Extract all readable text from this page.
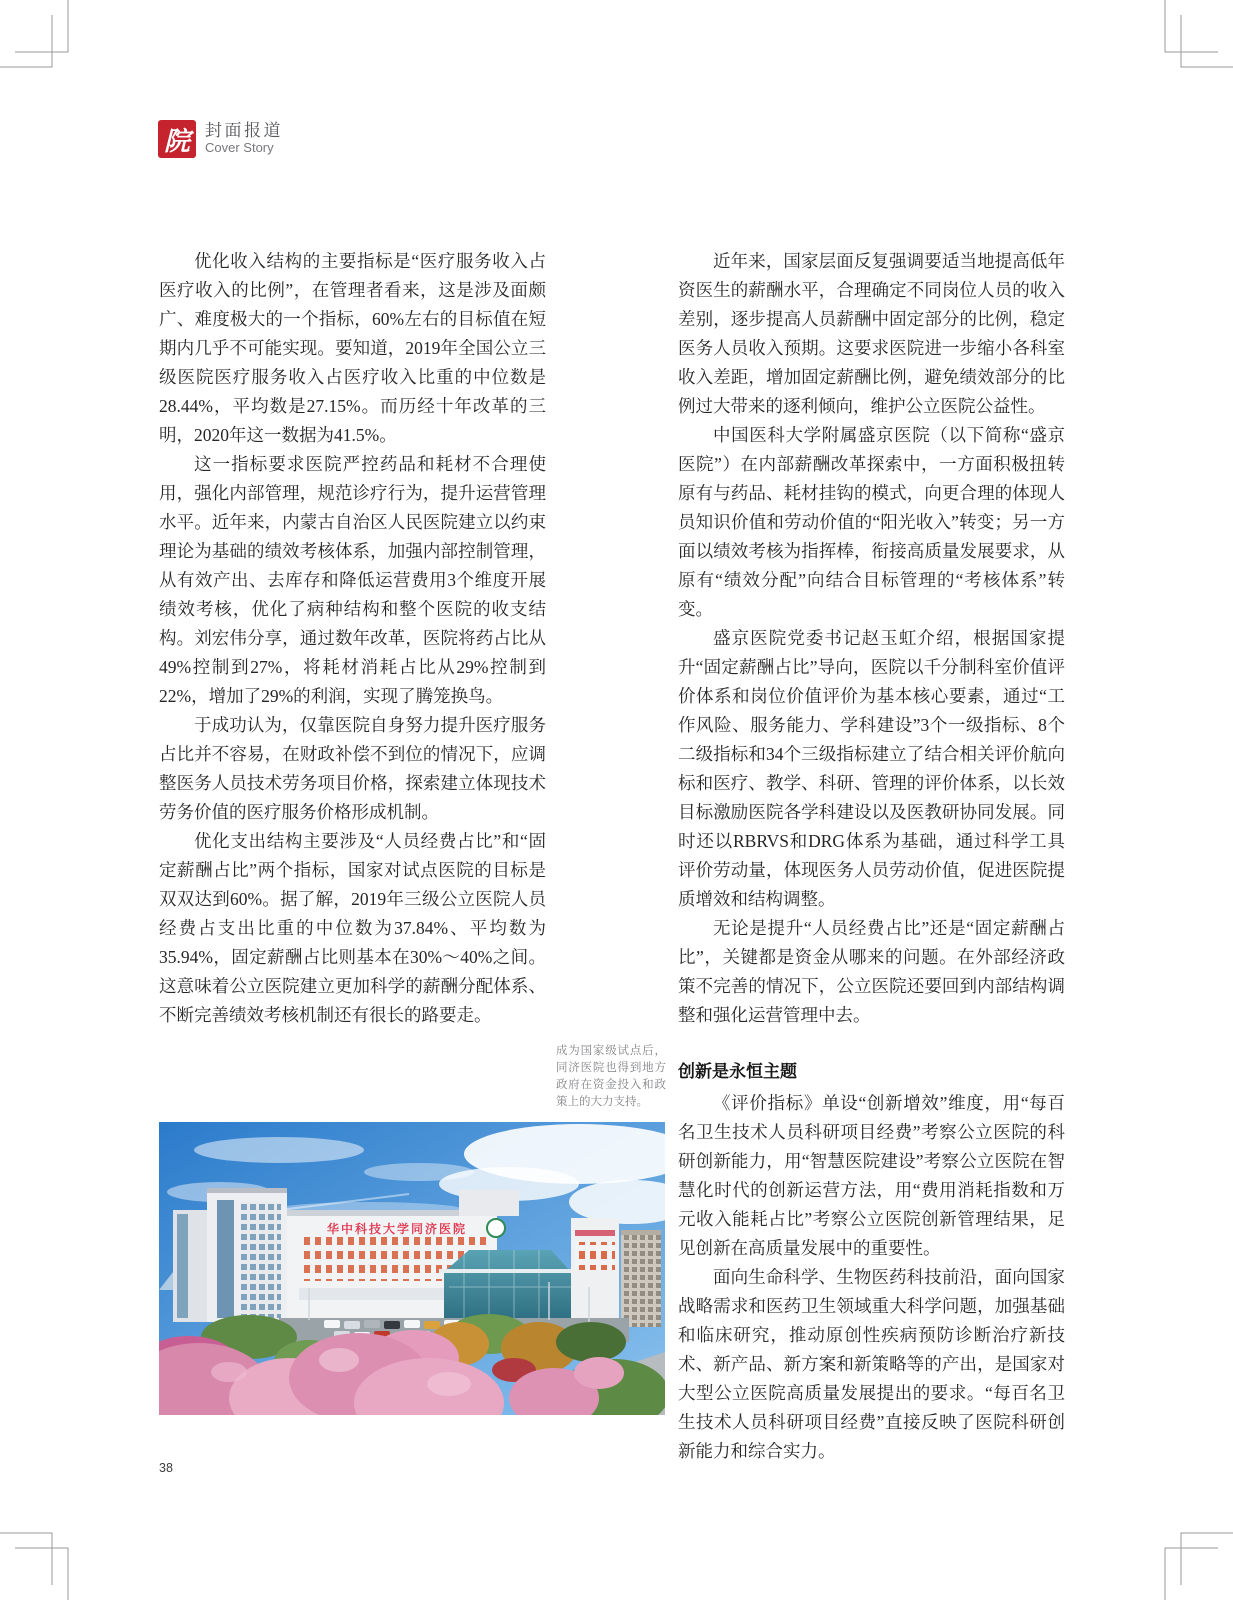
院 封面报道
Cover Story

优化收入结构的主要指标是“医疗服务收入占医疗收入的比例”，在管理者看来，这是涉及面颇广、难度极大的一个指标，60%左右的目标值在短期内几乎不可能实现。要知道，2019年全国公立三级医院医疗服务收入占医疗收入比重的中位数是28.44%，平均数是27.15%。而历经十年改革的三明，2020年这一数据为41.5%。

这一指标要求医院严控药品和耗材不合理使用，强化内部管理，规范诊疗行为，提升运营管理水平。近年来，内蒙古自治区人民医院建立以约束理论为基础的绩效考核体系，加强内部控制管理，从有效产出、去库存和降低运营费用3个维度开展绩效考核，优化了病种结构和整个医院的收支结构。刘宏伟分享，通过数年改革，医院将药占比从49%控制到27%，将耗材消耗占比从29%控制到22%，增加了29%的利润，实现了腾笼换鸟。

于成功认为，仅靠医院自身努力提升医疗服务占比并不容易，在财政补偿不到位的情况下，应调整医务人员技术劳务项目价格，探索建立体现技术劳务价值的医疗服务价格形成机制。

优化支出结构主要涉及“人员经费占比”和“固定薪酬占比”两个指标，国家对试点医院的目标是双双达到60%。据了解，2019年三级公立医院人员经费占支出比重的中位数为37.84%、平均数为35.94%，固定薪酬占比则基本在30%～40%之间。这意味着公立医院建立更加科学的薪酬分配体系、不断完善绩效考核机制还有很长的路要走。

近年来，国家层面反复强调要适当地提高低年资医生的薪酬水平，合理确定不同岗位人员的收入差别，逐步提高人员薪酬中固定部分的比例，稳定医务人员收入预期。这要求医院进一步缩小各科室收入差距，增加固定薪酬比例，避免绩效部分的比例过大带来的逐利倾向，维护公立医院公益性。

中国医科大学附属盛京医院（以下简称“盛京医院”）在内部薪酬改革探索中，一方面积极扭转原有与药品、耗材挂钩的模式，向更合理的体现人员知识价值和劳动价值的“阳光收入”转变；另一方面以绩效考核为指挥棒，衔接高质量发展要求，从原有“绩效分配”向结合目标管理的“考核体系”转变。

盛京医院党委书记赵玉虹介绍，根据国家提升“固定薪酬占比”导向，医院以千分制科室价值评价体系和岗位价值评价为基本核心要素，通过“工作风险、服务能力、学科建设”3个一级指标、8个二级指标和34个三级指标建立了结合相关评价航向标和医疗、教学、科研、管理的评价体系，以长效目标激励医院各学科建设以及医教研协同发展。同时还以RBRVS和DRG体系为基础，通过科学工具评价劳动量，体现医务人员劳动价值，促进医院提质增效和结构调整。

无论是提升“人员经费占比”还是“固定薪酬占比”，关键都是资金从哪来的问题。在外部经济政策不完善的情况下，公立医院还要回到内部结构调整和强化运营管理中去。

创新是永恒主题

《评价指标》单设“创新增效”维度，用“每百名卫生技术人员科研项目经费”考察公立医院的科研创新能力，用“智慧医院建设”考察公立医院在智慧化时代的创新运营方法，用“费用消耗指数和万元收入能耗占比”考察公立医院创新管理结果，足见创新在高质量发展中的重要性。

面向生命科学、生物医药科技前沿，面向国家战略需求和医药卫生领域重大科学问题，加强基础和临床研究，推动原创性疾病预防诊断治疗新技术、新产品、新方案和新策略等的产出，是国家对大型公立医院高质量发展提出的要求。“每百名卫生技术人员科研项目经费”直接反映了医院科研创新能力和综合实力。

成为国家级试点后，同济医院也得到地方政府在资金投入和政策上的大力支持。
华中科技大学同济医院
38
